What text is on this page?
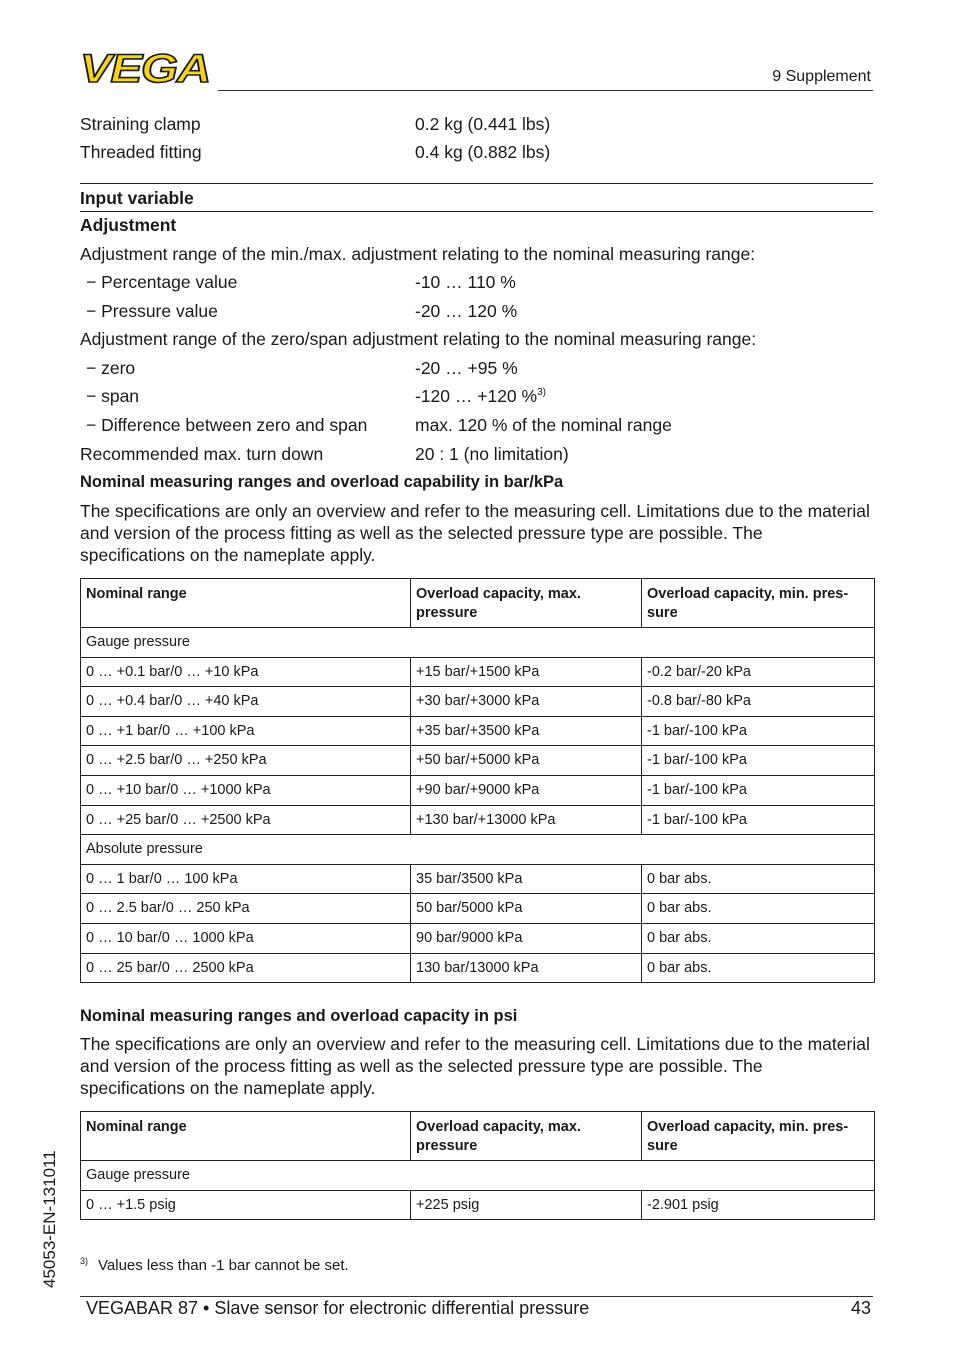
VEGA	9 Supplement
Straining clamp	0.2 kg (0.441 lbs)
Threaded fitting	0.4 kg (0.882 lbs)
Input variable
Adjustment
Adjustment range of the min./max. adjustment relating to the nominal measuring range:
− Percentage value	-10 … 110 %
− Pressure value	-20 … 120 %
Adjustment range of the zero/span adjustment relating to the nominal measuring range:
− zero	-20 … +95 %
− span	-120 … +120 %$^{3)}$
− Difference between zero and span	max. 120 % of the nominal range
Recommended max. turn down	20 : 1 (no limitation)
Nominal measuring ranges and overload capability in bar/kPa
The specifications are only an overview and refer to the measuring cell. Limitations due to the material and version of the process fitting as well as the selected pressure type are possible. The specifications on the nameplate apply.
Nominal range	Overload capacity, max. pressure	Overload capacity, min. pres- sure
Gauge pressure		
0 … +0.1 bar/0 … +10 kPa	+15 bar/+1500 kPa	-0.2 bar/-20 kPa
0 … +0.4 bar/0 … +40 kPa	+30 bar/+3000 kPa	-0.8 bar/-80 kPa
0 … +1 bar/0 … +100 kPa	+35 bar/+3500 kPa	-1 bar/-100 kPa
0 … +2.5 bar/0 … +250 kPa	+50 bar/+5000 kPa	-1 bar/-100 kPa
0 … +10 bar/0 … +1000 kPa	+90 bar/+9000 kPa	-1 bar/-100 kPa
0 … +25 bar/0 … +2500 kPa	+130 bar/+13000 kPa	-1 bar/-100 kPa
Absolute pressure		
0 … 1 bar/0 … 100 kPa	35 bar/3500 kPa	0 bar abs.
0 … 2.5 bar/0 … 250 kPa	50 bar/5000 kPa	0 bar abs.
0 … 10 bar/0 … 1000 kPa	90 bar/9000 kPa	0 bar abs.
0 … 25 bar/0 … 2500 kPa	130 bar/13000 kPa	0 bar abs.
Nominal measuring ranges and overload capacity in psi
The specifications are only an overview and refer to the measuring cell. Limitations due to the material and version of the process fitting as well as the selected pressure type are possible. The specifications on the nameplate apply.
Nominal range	Overload capacity, max. pressure	Overload capacity, min. pres- sure
Gauge pressure		
0 … +1.5 psig	+225 psig	-2.901 psig
$^{3)}$ Values less than -1 bar cannot be set.
45053-EN-131011
VEGABAR 87 • Slave sensor for electronic differential pressure	43
